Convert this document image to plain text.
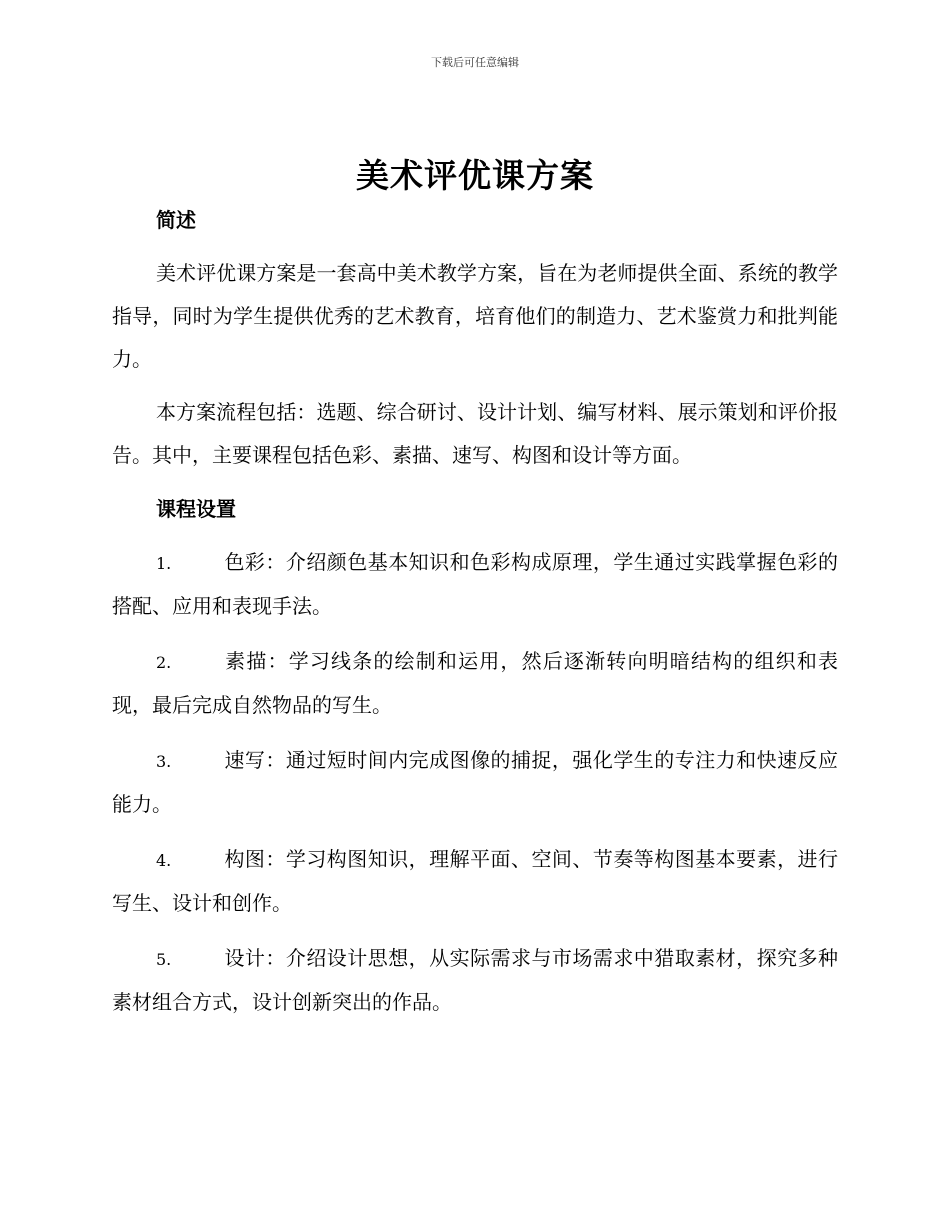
下载后可任意编辑
美术评优课方案
简述

美术评优课方案是一套高中美术教学方案，旨在为老师提供全面、系统的教学指导，同时为学生提供优秀的艺术教育，培育他们的制造力、艺术鉴赏力和批判能力。

本方案流程包括：选题、综合研讨、设计计划、编写材料、展示策划和评价报告。其中，主要课程包括色彩、素描、速写、构图和设计等方面。

课程设置

1.	色彩：介绍颜色基本知识和色彩构成原理，学生通过实践掌握色彩的搭配、应用和表现手法。

2.	素描：学习线条的绘制和运用，然后逐渐转向明暗结构的组织和表现，最后完成自然物品的写生。

3.	速写：通过短时间内完成图像的捕捉，强化学生的专注力和快速反应能力。

4.	构图：学习构图知识，理解平面、空间、节奏等构图基本要素，进行写生、设计和创作。

5.	设计：介绍设计思想，从实际需求与市场需求中猎取素材，探究多种素材组合方式，设计创新突出的作品。
